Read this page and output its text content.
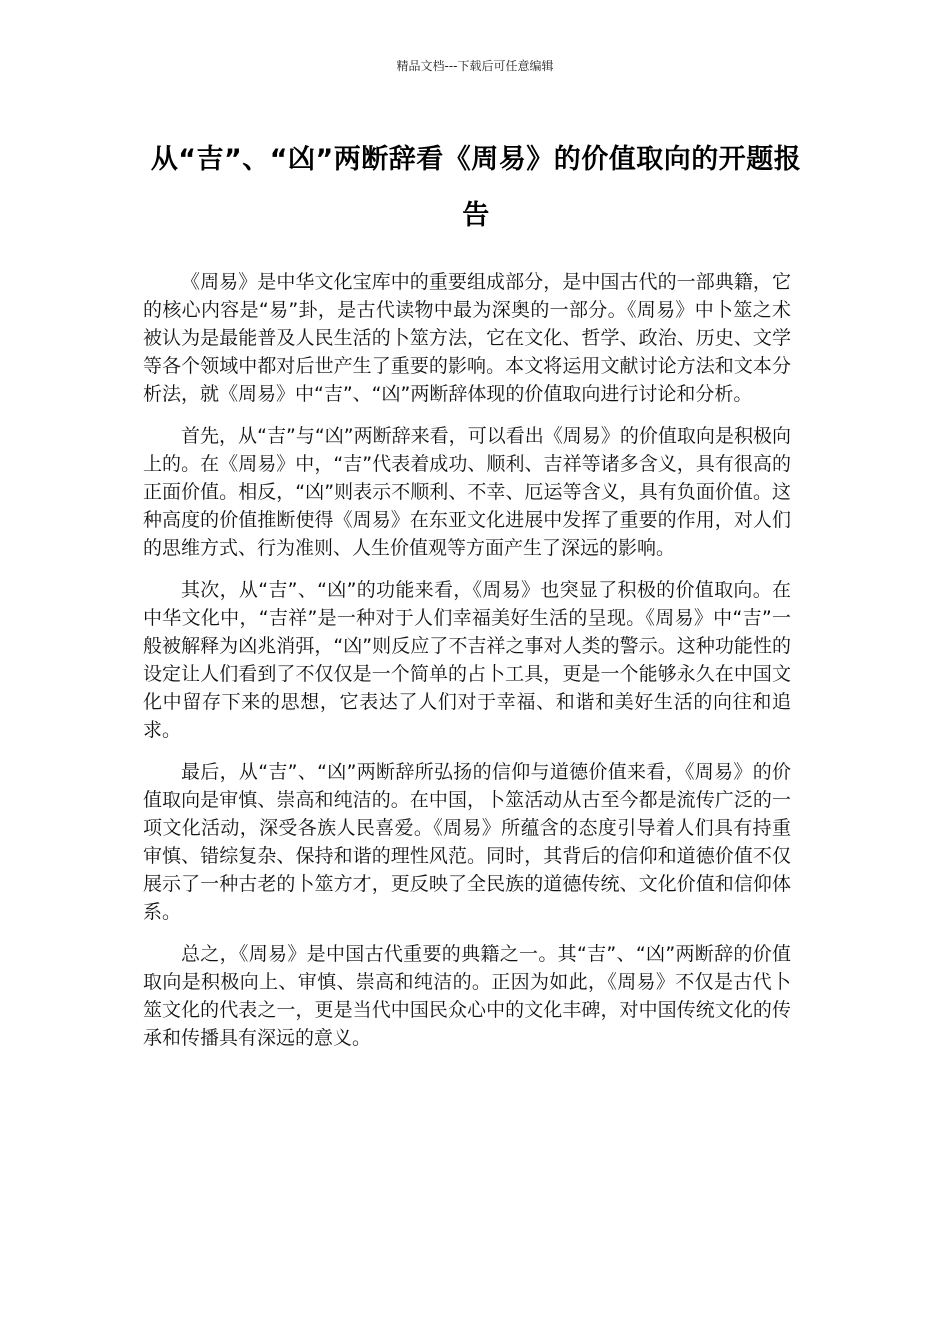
精品文档---下载后可任意编辑
从“吉”、“凶”两断辞看《周易》的价值取向的开题报告

《周易》是中华文化宝库中的重要组成部分，是中国古代的一部典籍，它的核心内容是“易”卦，是古代读物中最为深奥的一部分。《周易》中卜筮之术被认为是最能普及人民生活的卜筮方法，它在文化、哲学、政治、历史、文学等各个领域中都对后世产生了重要的影响。本文将运用文献讨论方法和文本分析法，就《周易》中“吉”、“凶”两断辞体现的价值取向进行讨论和分析。

首先，从“吉”与“凶”两断辞来看，可以看出《周易》的价值取向是积极向上的。在《周易》中，“吉”代表着成功、顺利、吉祥等诸多含义，具有很高的正面价值。相反，“凶”则表示不顺利、不幸、厄运等含义，具有负面价值。这种高度的价值推断使得《周易》在东亚文化进展中发挥了重要的作用，对人们的思维方式、行为准则、人生价值观等方面产生了深远的影响。

其次，从“吉”、“凶”的功能来看，《周易》也突显了积极的价值取向。在中华文化中，“吉祥”是一种对于人们幸福美好生活的呈现。《周易》中“吉”一般被解释为凶兆消弭，“凶”则反应了不吉祥之事对人类的警示。这种功能性的设定让人们看到了不仅仅是一个简单的占卜工具，更是一个能够永久在中国文化中留存下来的思想，它表达了人们对于幸福、和谐和美好生活的向往和追求。

最后，从“吉”、“凶”两断辞所弘扬的信仰与道德价值来看，《周易》的价值取向是审慎、崇高和纯洁的。在中国，卜筮活动从古至今都是流传广泛的一项文化活动，深受各族人民喜爱。《周易》所蕴含的态度引导着人们具有持重审慎、错综复杂、保持和谐的理性风范。同时，其背后的信仰和道德价值不仅展示了一种古老的卜筮方才，更反映了全民族的道德传统、文化价值和信仰体系。

总之，《周易》是中国古代重要的典籍之一。其“吉”、“凶”两断辞的价值取向是积极向上、审慎、崇高和纯洁的。正因为如此，《周易》不仅是古代卜筮文化的代表之一，更是当代中国民众心中的文化丰碑，对中国传统文化的传承和传播具有深远的意义。
